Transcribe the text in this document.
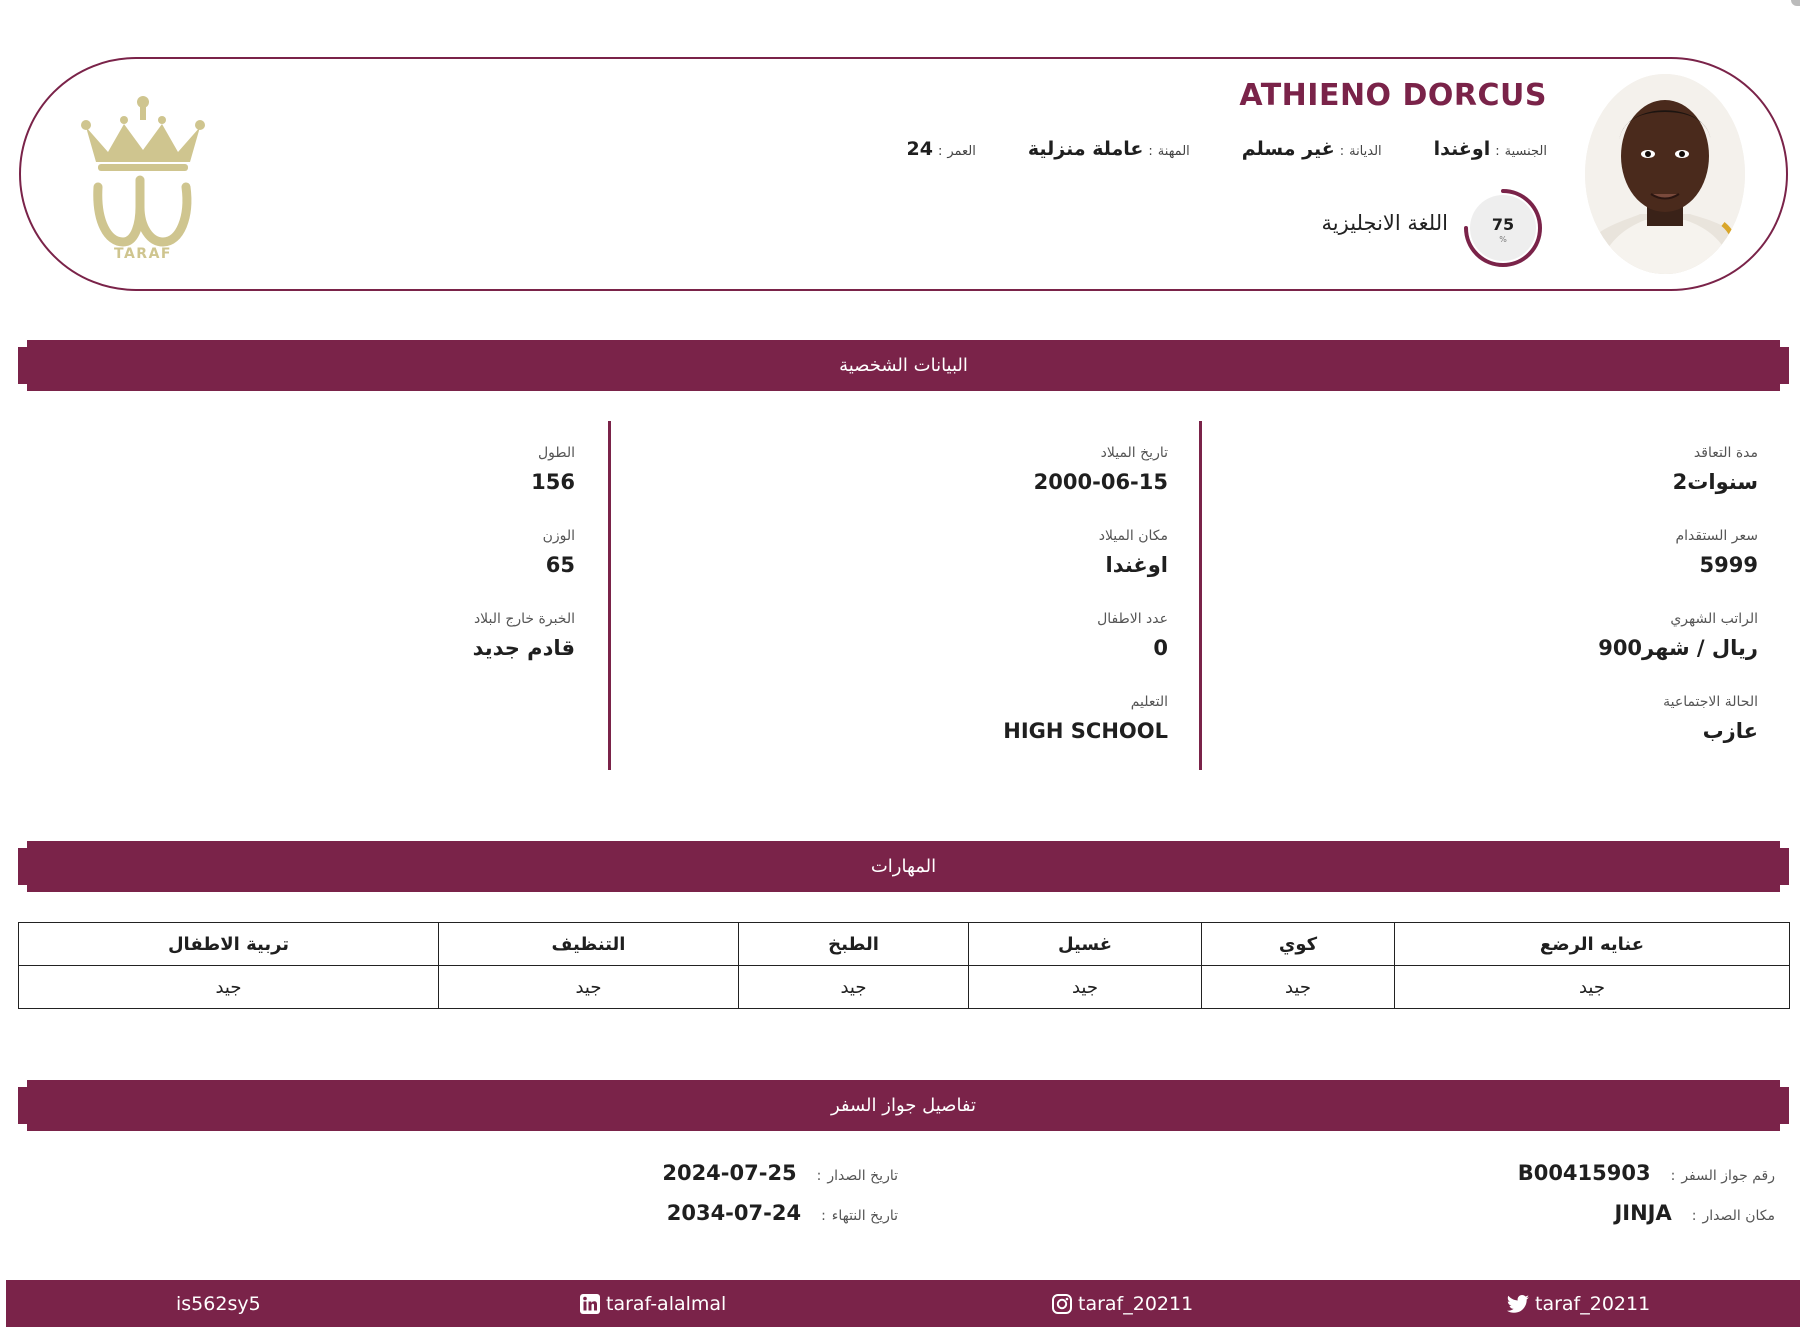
TARAF
ATHIENO DORCUS
الجنسية
:
اوغندا
الديانة
:
غير مسلم
المهنة
:
عاملة منزلية
العمر
:
24
75
%
اللغة الانجليزية
البيانات الشخصية
مدة التعاقد
2سنوات
سعر الستقدام
5999
الراتب الشهري
900ريال / شهر
الحالة الاجتماعية
عازب
تاريخ الميلاد
2000-06-15
مكان الميلاد
اوغندا
عدد الاطفال
0
التعليم
HIGH SCHOOL
الطول
156
الوزن
65
الخبرة خارج البلاد
قادم جديد
المهارات
عنايه الرضع	كوي	غسيل	الطبخ	التنظيف	تربية الاطفال
جيد	جيد	جيد	جيد	جيد	جيد
تفاصيل جواز السفر
رقم جواز السفر
:
B00415903
مكان الصدار
:
JINJA
تاريخ الصدار
:
2024-07-25
تاريخ النتهاء
:
2034-07-24
is562sy5	taraf-alalmal	taraf_20211	taraf_20211
